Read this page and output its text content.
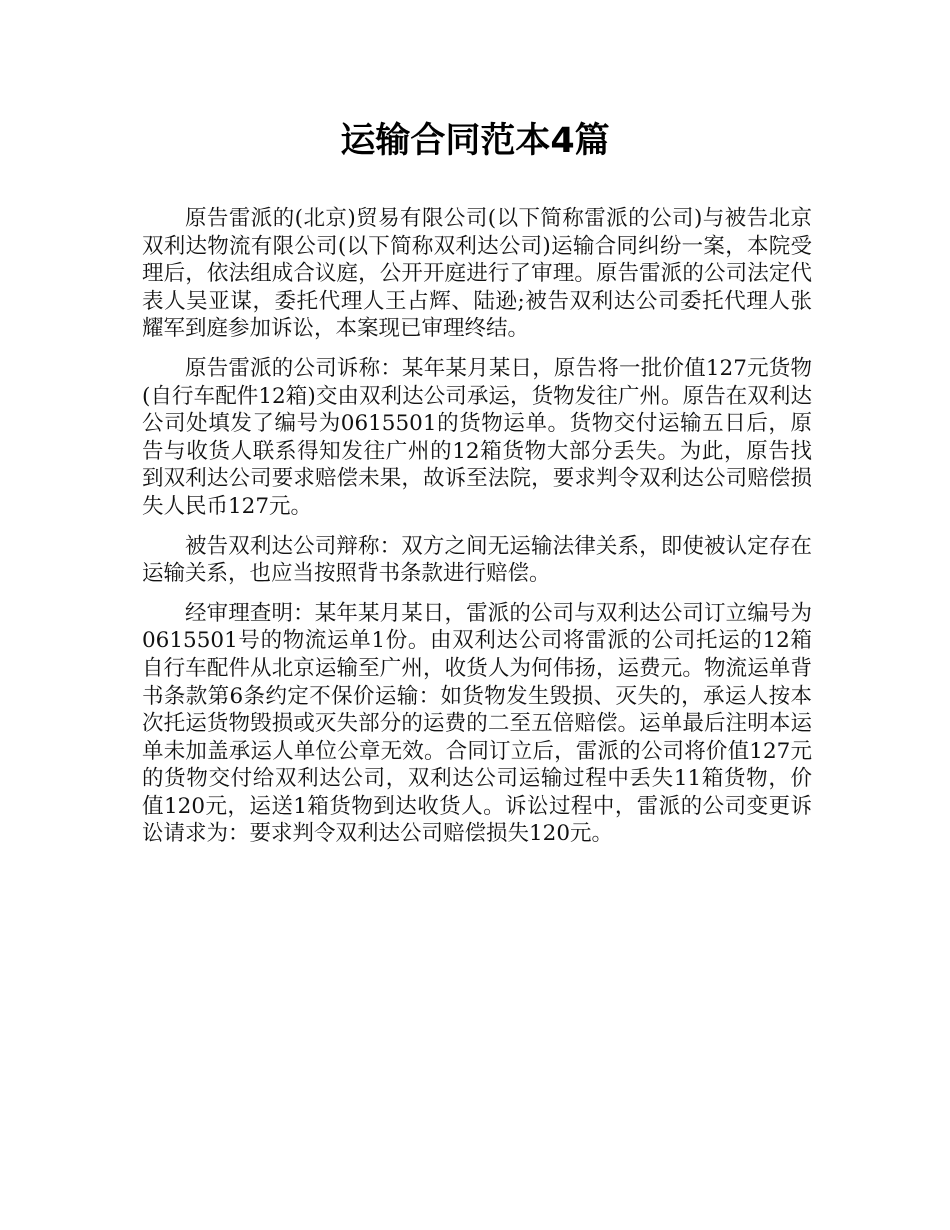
运输合同范本4篇

原告雷派的(北京)贸易有限公司(以下简称雷派的公司)与被告北京双利达物流有限公司(以下简称双利达公司)运输合同纠纷一案，本院受理后，依法组成合议庭，公开开庭进行了审理。原告雷派的公司法定代表人吴亚谋，委托代理人王占辉、陆逊;被告双利达公司委托代理人张耀军到庭参加诉讼，本案现已审理终结。

原告雷派的公司诉称：某年某月某日，原告将一批价值127元货物(自行车配件12箱)交由双利达公司承运，货物发往广州。原告在双利达公司处填发了编号为0615501的货物运单。货物交付运输五日后，原告与收货人联系得知发往广州的12箱货物大部分丢失。为此，原告找到双利达公司要求赔偿未果，故诉至法院，要求判令双利达公司赔偿损失人民币127元。

被告双利达公司辩称：双方之间无运输法律关系，即使被认定存在运输关系，也应当按照背书条款进行赔偿。

经审理查明：某年某月某日，雷派的公司与双利达公司订立编号为0615501号的物流运单1份。由双利达公司将雷派的公司托运的12箱自行车配件从北京运输至广州，收货人为何伟扬，运费元。物流运单背书条款第6条约定不保价运输：如货物发生毁损、灭失的，承运人按本次托运货物毁损或灭失部分的运费的二至五倍赔偿。运单最后注明本运单未加盖承运人单位公章无效。合同订立后，雷派的公司将价值127元的货物交付给双利达公司，双利达公司运输过程中丢失11箱货物，价值120元，运送1箱货物到达收货人。诉讼过程中，雷派的公司变更诉讼请求为：要求判令双利达公司赔偿损失120元。
